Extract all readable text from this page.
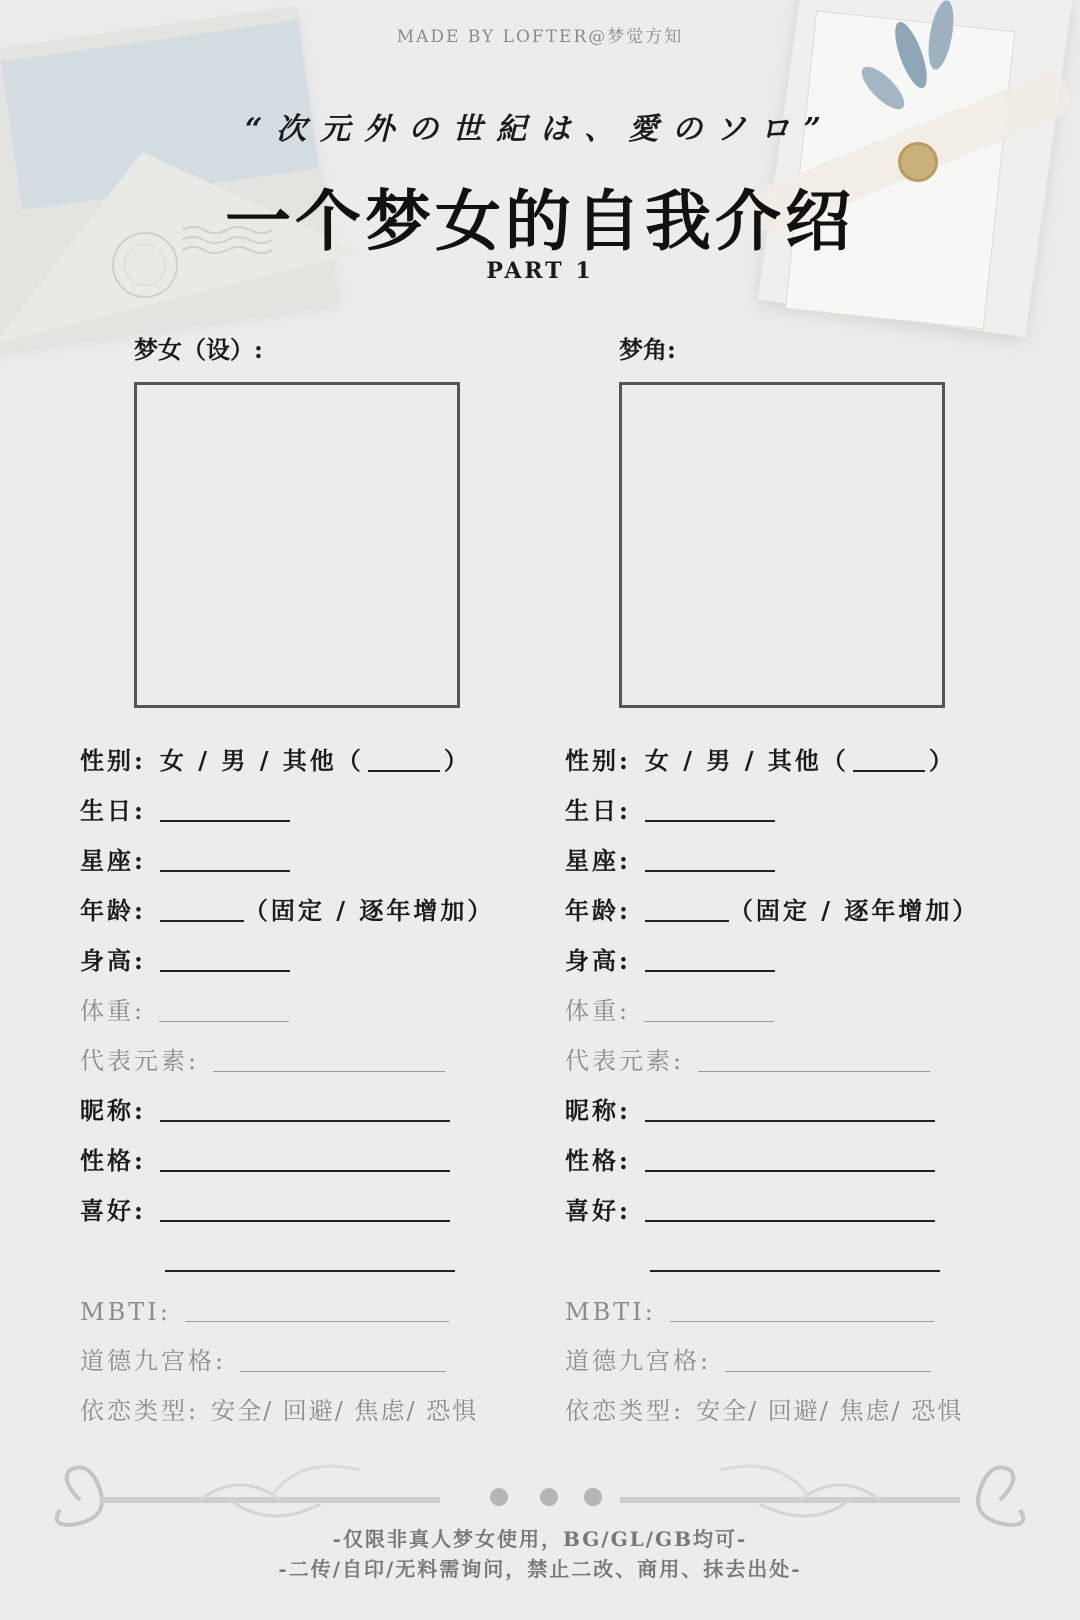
MADE BY LOFTER@梦觉方知
“次元外の世紀は、愛のソロ”
一个梦女的自我介绍
PART 1
梦女（设）:
性别: 女 / 男 / 其他（	）
生日:
星座:
年龄:	（固定 / 逐年增加）
身高:
体重:
代表元素:
昵称:
性格:
喜好:
MBTI:
道德九宫格:
依恋类型: 安全/ 回避/ 焦虑/ 恐惧
梦角:
性别: 女 / 男 / 其他（	）
生日:
星座:
年龄:	（固定 / 逐年增加）
身高:
体重:
代表元素:
昵称:
性格:
喜好:
MBTI:
道德九宫格:
依恋类型: 安全/ 回避/ 焦虑/ 恐惧
-仅限非真人梦女使用，BG/GL/GB均可-
-二传/自印/无料需询问，禁止二改、商用、抹去出处-
